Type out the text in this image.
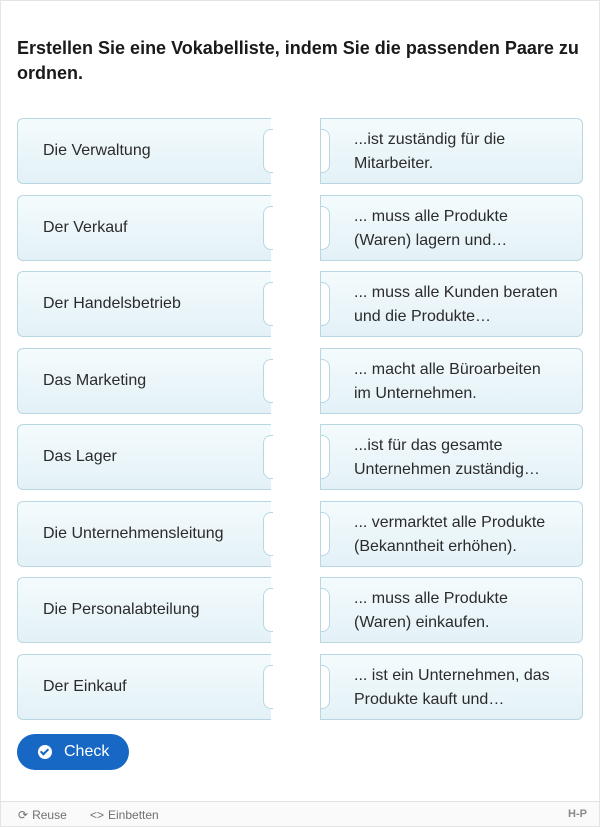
Erstellen Sie eine Vokabelliste, indem Sie die passenden Paare zu ordnen.
Die Verwaltung
...ist zuständig für die Mitarbeiter.
Der Verkauf
... muss alle Produkte (Waren) lagern und…
Der Handelsbetrieb
... muss alle Kunden beraten und die Produkte…
Das Marketing
... macht alle Büroarbeiten im Unternehmen.
Das Lager
...ist für das gesamte Unternehmen zuständig…
Die Unternehmensleitung
... vermarktet alle Produkte (Bekanntheit erhöhen).
Die Personalabteilung
... muss alle Produkte (Waren) einkaufen.
Der Einkauf
... ist ein Unternehmen, das Produkte kauft und…
Check
⟳ Reuse <> Einbetten	H-P
